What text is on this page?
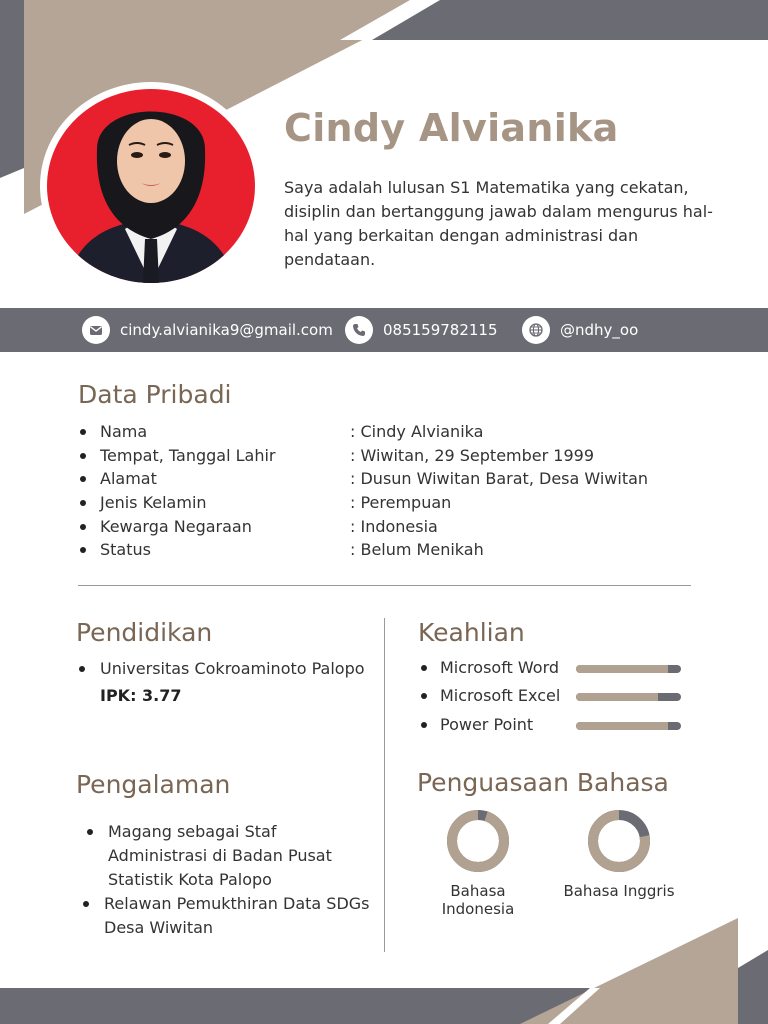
Cindy Alvianika
Saya adalah lulusan S1 Matematika yang cekatan, disiplin dan bertanggung jawab dalam mengurus hal-hal yang berkaitan dengan administrasi dan pendataan.
cindy.alvianika9@gmail.com	085159782115	@ndhy_oo
Data Pribadi
Nama	: Cindy Alvianika
Tempat, Tanggal Lahir	: Wiwitan, 29 September 1999
Alamat	: Dusun Wiwitan Barat, Desa Wiwitan
Jenis Kelamin	: Perempuan
Kewarga Negaraan	: Indonesia
Status	: Belum Menikah
Pendidikan
Universitas Cokroaminoto Palopo
IPK: 3.77
Pengalaman
Magang sebagai Staf Administrasi di Badan Pusat Statistik Kota Palopo
Relawan Pemukthiran Data SDGs Desa Wiwitan
Keahlian
Microsoft Word
Microsoft Excel
Power Point
Penguasaan Bahasa
Bahasa Indonesia
Bahasa Inggris
